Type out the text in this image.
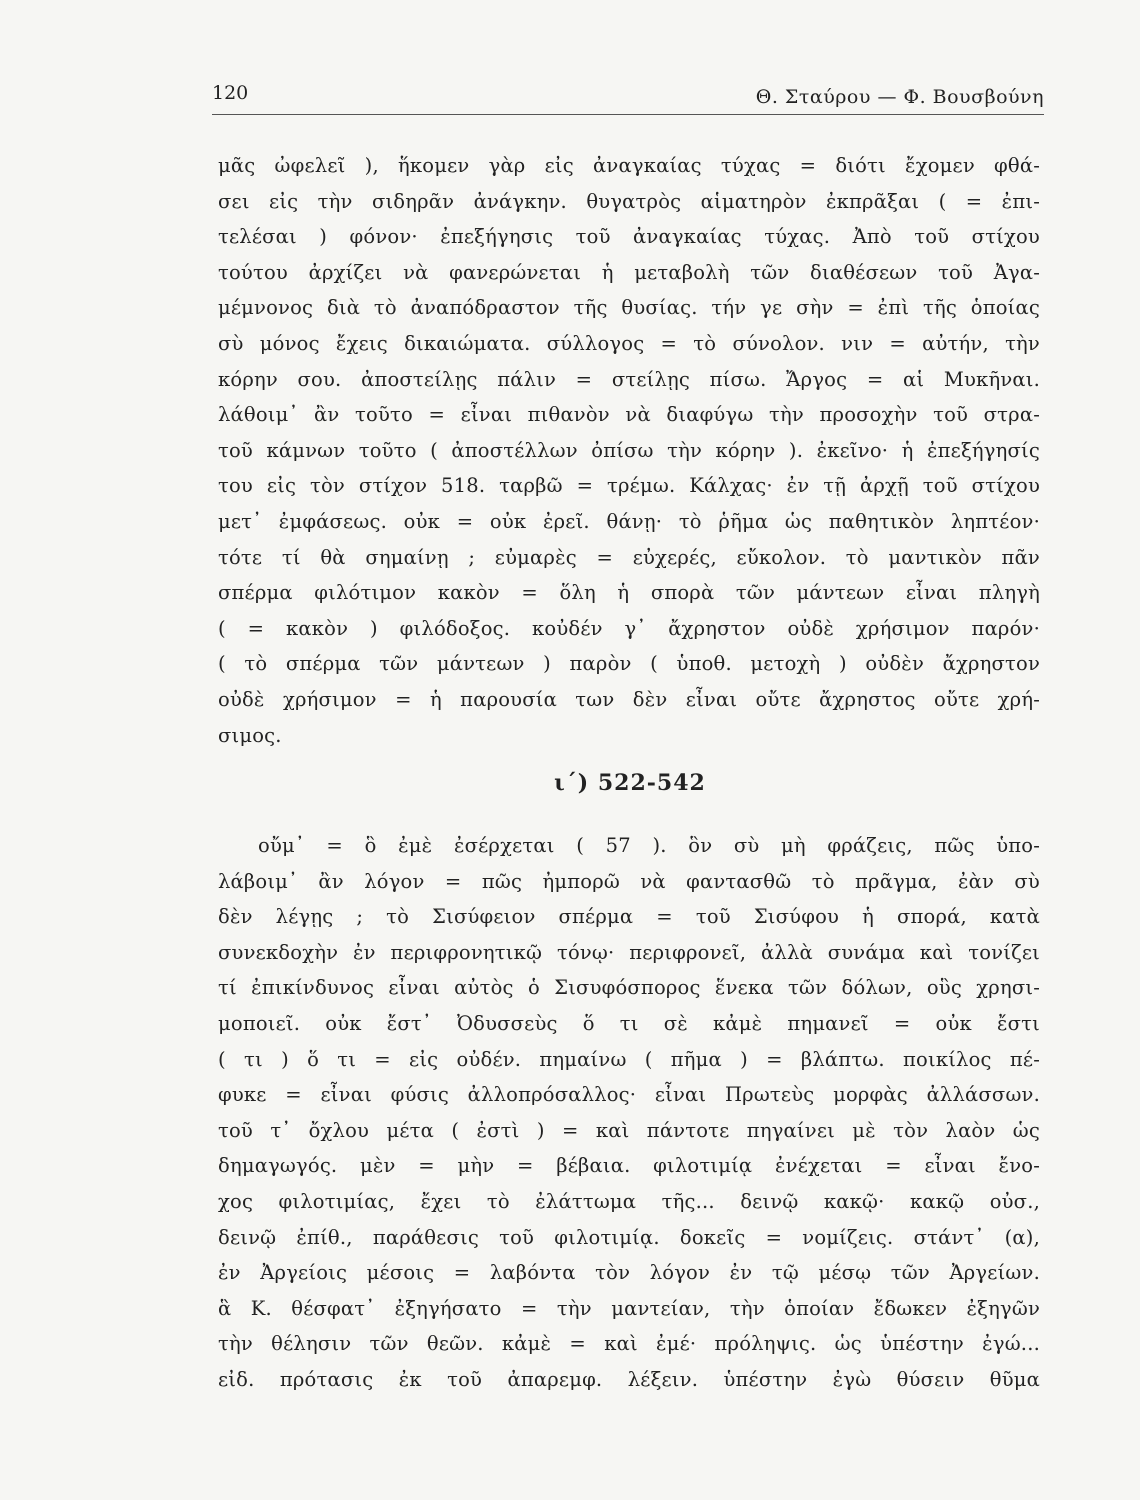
120	Θ. Σταύρου — Φ. Βουσβούνη
μᾶς ὠφελεῖ ), ἥκομεν γὰρ εἰς ἀναγκαίας τύχας = διότι ἔχομεν φθά-
σει εἰς τὴν σιδηρᾶν ἀνάγκην. θυγατρὸς αἱματηρὸν ἐκπρᾶξαι ( = ἐπι-
τελέσαι ) φόνον· ἐπεξήγησις τοῦ ἀναγκαίας τύχας. Ἀπὸ τοῦ στίχου
τούτου ἀρχίζει νὰ φανερώνεται ἡ μεταβολὴ τῶν διαθέσεων τοῦ Ἀγα-
μέμνονος διὰ τὸ ἀναπόδραστον τῆς θυσίας. τήν γε σὴν = ἐπὶ τῆς ὁποίας
σὺ μόνος ἔχεις δικαιώματα. σύλλογος = τὸ σύνολον. νιν = αὐτήν, τὴν
κόρην σου. ἀποστείλῃς πάλιν = στείλῃς πίσω. Ἄργος = αἱ Μυκῆναι.
λάθοιμ᾽ ἂν τοῦτο = εἶναι πιθανὸν νὰ διαφύγω τὴν προσοχὴν τοῦ στρα-
τοῦ κάμνων τοῦτο ( ἀποστέλλων ὀπίσω τὴν κόρην ). ἐκεῖνο· ἡ ἐπεξήγησίς
του εἰς τὸν στίχον 518. ταρβῶ = τρέμω. Κάλχας· ἐν τῇ ἀρχῇ τοῦ στίχου
μετ᾽ ἐμφάσεως. οὐκ = οὐκ ἐρεῖ. θάνῃ· τὸ ῥῆμα ὡς παθητικὸν ληπτέον·
τότε τί θὰ σημαίνῃ ; εὐμαρὲς = εὐχερές, εὔκολον. τὸ μαντικὸν πᾶν
σπέρμα φιλότιμον κακὸν = ὅλη ἡ σπορὰ τῶν μάντεων εἶναι πληγὴ
( = κακὸν ) φιλόδοξος. κοὐδέν γ᾽ ἄχρηστον οὐδὲ χρήσιμον παρόν·
( τὸ σπέρμα τῶν μάντεων ) παρὸν ( ὑποθ. μετοχὴ ) οὐδὲν ἄχρηστον
οὐδὲ χρήσιμον = ἡ παρουσία των δὲν εἶναι οὔτε ἄχρηστος οὔτε χρή-
σιμος.
ι´) 522-542
οὔμ᾽ = ὃ ἐμὲ ἐσέρχεται ( 57 ). ὃν σὺ μὴ φράζεις, πῶς ὑπο-
λάβοιμ᾽ ἂν λόγον = πῶς ἠμπορῶ νὰ φαντασθῶ τὸ πρᾶγμα, ἐὰν σὺ
δὲν λέγῃς ; τὸ Σισύφειον σπέρμα = τοῦ Σισύφου ἡ σπορά, κατὰ
συνεκδοχὴν ἐν περιφρονητικῷ τόνῳ· περιφρονεῖ, ἀλλὰ συνάμα καὶ τονίζει
τί ἐπικίνδυνος εἶναι αὐτὸς ὁ Σισυφόσπορος ἕνεκα τῶν δόλων, οὓς χρησι-
μοποιεῖ. οὐκ ἔστ᾽ Ὀδυσσεὺς ὅ τι σὲ κἀμὲ πημανεῖ = οὐκ ἔστι
( τι ) ὅ τι = εἰς οὐδέν. πημαίνω ( πῆμα ) = βλάπτω. ποικίλος πέ-
φυκε = εἶναι φύσις ἀλλοπρόσαλλος· εἶναι Πρωτεὺς μορφὰς ἀλλάσσων.
τοῦ τ᾽ ὄχλου μέτα ( ἐστὶ ) = καὶ πάντοτε πηγαίνει μὲ τὸν λαὸν ὡς
δημαγωγός. μὲν = μὴν = βέβαια. φιλοτιμίᾳ ἐνέχεται = εἶναι ἔνο-
χος φιλοτιμίας, ἔχει τὸ ἐλάττωμα τῆς... δεινῷ κακῷ· κακῷ οὐσ.,
δεινῷ ἐπίθ., παράθεσις τοῦ φιλοτιμίᾳ. δοκεῖς = νομίζεις. στάντ᾽ (α),
ἐν Ἀργείοις μέσοις = λαβόντα τὸν λόγον ἐν τῷ μέσῳ τῶν Ἀργείων.
ἃ Κ. θέσφατ᾽ ἐξηγήσατο = τὴν μαντείαν, τὴν ὁποίαν ἔδωκεν ἐξηγῶν
τὴν θέλησιν τῶν θεῶν. κἀμὲ = καὶ ἐμέ· πρόληψις. ὡς ὑπέστην ἐγώ...
εἰδ. πρότασις ἐκ τοῦ ἀπαρεμφ. λέξειν. ὑπέστην ἐγὼ θύσειν θῦμα
